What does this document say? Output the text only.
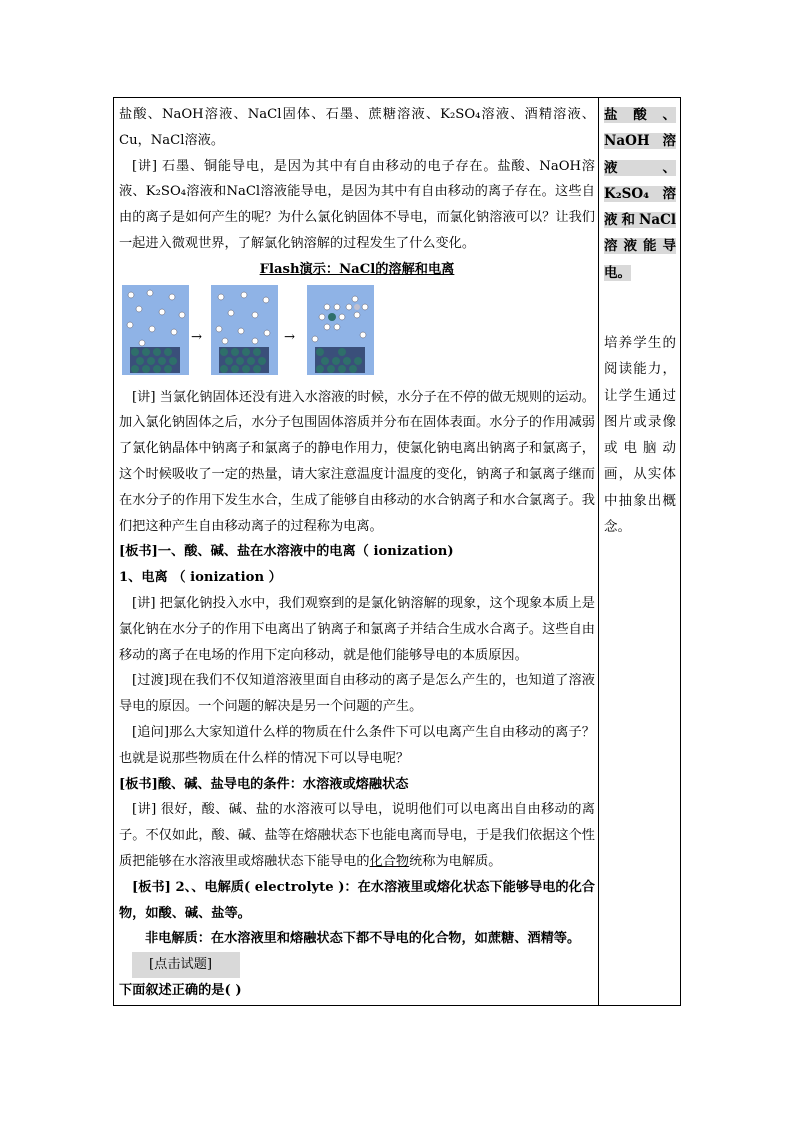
盐酸、NaOH溶液、NaCl固体、石墨、蔗糖溶液、K₂SO₄溶液、酒精溶液、Cu，NaCl溶液。

[讲] 石墨、铜能导电，是因为其中有自由移动的电子存在。盐酸、NaOH溶液、K₂SO₄溶液和NaCl溶液能导电，是因为其中有自由移动的离子存在。这些自由的离子是如何产生的呢？为什么氯化钠固体不导电，而氯化钠溶液可以？让我们一起进入微观世界，了解氯化钠溶解的过程发生了什么变化。

Flash演示：NaCl的溶解和电离

→	→

[讲] 当氯化钠固体还没有进入水溶液的时候，水分子在不停的做无规则的运动。加入氯化钠固体之后，水分子包围固体溶质并分布在固体表面。水分子的作用减弱了氯化钠晶体中钠离子和氯离子的静电作用力，使氯化钠电离出钠离子和氯离子，这个时候吸收了一定的热量，请大家注意温度计温度的变化，钠离子和氯离子继而在水分子的作用下发生水合，生成了能够自由移动的水合钠离子和水合氯离子。我们把这种产生自由移动离子的过程称为电离。

[板书]一、酸、碱、盐在水溶液中的电离（ ionization)

1、电离 （ ionization ）

[讲] 把氯化钠投入水中，我们观察到的是氯化钠溶解的现象，这个现象本质上是氯化钠在水分子的作用下电离出了钠离子和氯离子并结合生成水合离子。这些自由移动的离子在电场的作用下定向移动，就是他们能够导电的本质原因。

[过渡]现在我们不仅知道溶液里面自由移动的离子是怎么产生的，也知道了溶液导电的原因。一个问题的解决是另一个问题的产生。

[追问]那么大家知道什么样的物质在什么条件下可以电离产生自由移动的离子？也就是说那些物质在什么样的情况下可以导电呢？

[板书]酸、碱、盐导电的条件：水溶液或熔融状态

[讲] 很好，酸、碱、盐的水溶液可以导电，说明他们可以电离出自由移动的离子。不仅如此，酸、碱、盐等在熔融状态下也能电离而导电，于是我们依据这个性质把能够在水溶液里或熔融状态下能导电的化合物统称为电解质。

[板书] 2、、电解质( electrolyte )：在水溶液里或熔化状态下能够导电的化合物，如酸、碱、盐等。

非电解质：在水溶液里和熔融状态下都不导电的化合物，如蔗糖、酒精等。

[点击试题]

下面叙述正确的是( )

盐酸、NaOH溶液、K₂SO₄溶液和NaCl溶液能导电。

培养学生的阅读能力，让学生通过图片或录像或电脑动画，从实体中抽象出概念。
